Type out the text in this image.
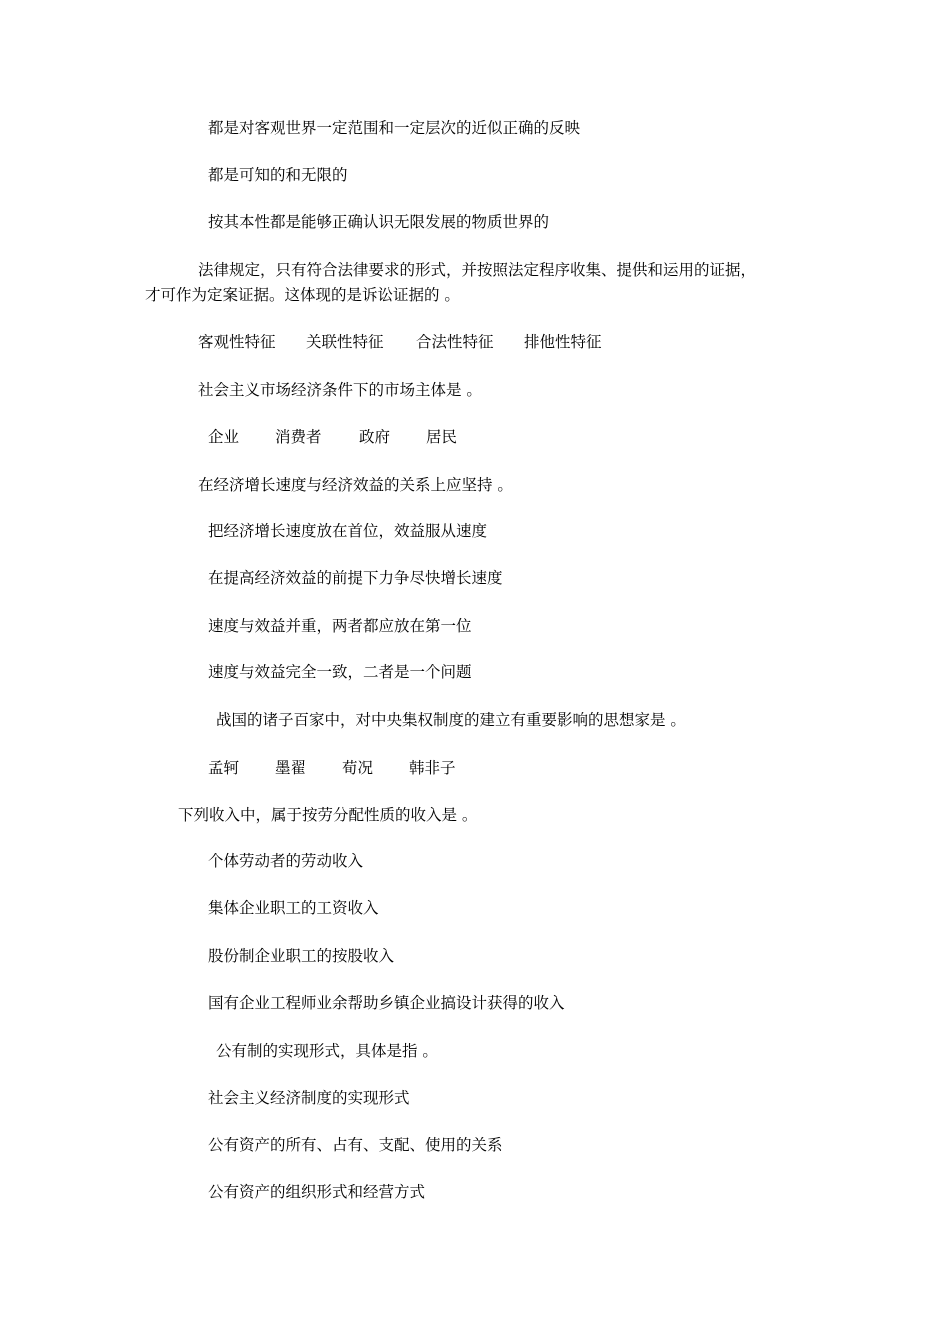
都是对客观世界一定范围和一定层次的近似正确的反映
都是可知的和无限的
按其本性都是能够正确认识无限发展的物质世界的
法律规定，只有符合法律要求的形式，并按照法定程序收集、提供和运用的证据，
才可作为定案证据。这体现的是诉讼证据的 。
客观性特征 关联性特征 合法性特征 排他性特征
社会主义市场经济条件下的市场主体是 。
企业 消费者 政府 居民
在经济增长速度与经济效益的关系上应坚持 。
把经济增长速度放在首位，效益服从速度
在提高经济效益的前提下力争尽快增长速度
速度与效益并重，两者都应放在第一位
速度与效益完全一致，二者是一个问题
战国的诸子百家中，对中央集权制度的建立有重要影响的思想家是 。
孟轲 墨翟 荀况 韩非子
下列收入中，属于按劳分配性质的收入是 。
个体劳动者的劳动收入
集体企业职工的工资收入
股份制企业职工的按股收入
国有企业工程师业余帮助乡镇企业搞设计获得的收入
公有制的实现形式，具体是指 。
社会主义经济制度的实现形式
公有资产的所有、占有、支配、使用的关系
公有资产的组织形式和经营方式
